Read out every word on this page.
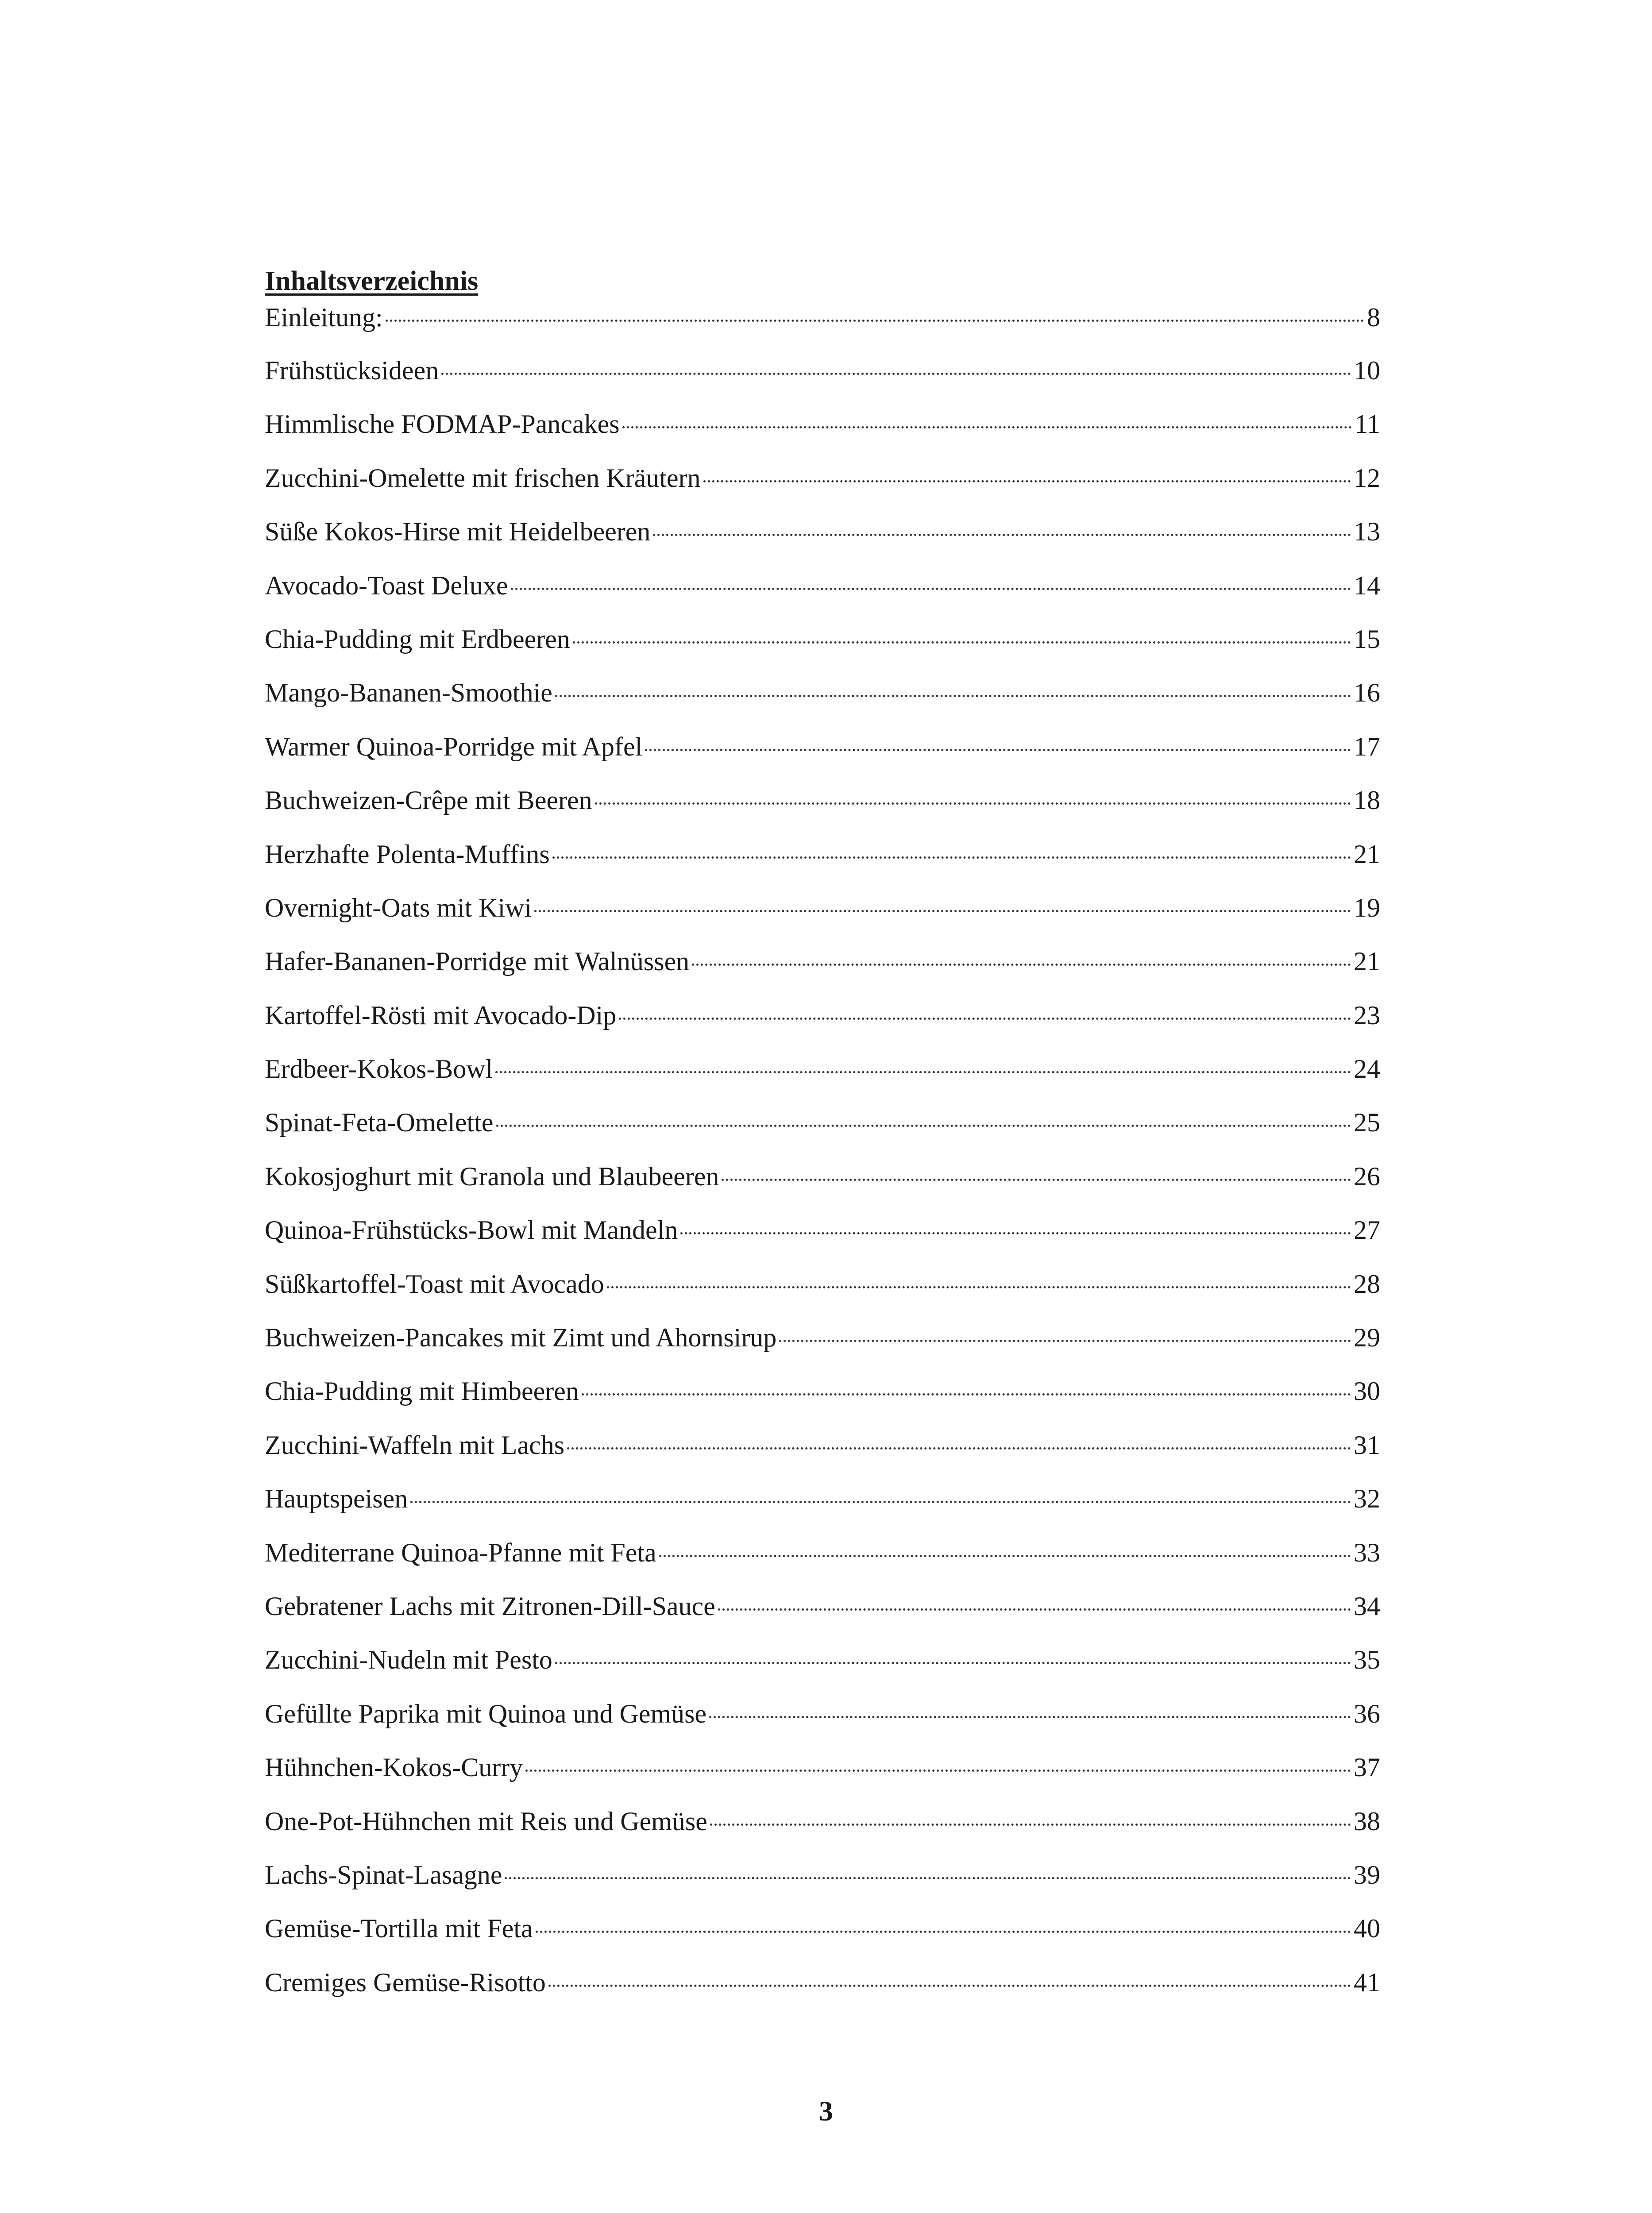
Inhaltsverzeichnis
Einleitung:	8
Frühstücksideen	10
Himmlische FODMAP-Pancakes	11
Zucchini-Omelette mit frischen Kräutern	12
Süße Kokos-Hirse mit Heidelbeeren	13
Avocado-Toast Deluxe	14
Chia-Pudding mit Erdbeeren	15
Mango-Bananen-Smoothie	16
Warmer Quinoa-Porridge mit Apfel	17
Buchweizen-Crêpe mit Beeren	18
Herzhafte Polenta-Muffins	21
Overnight-Oats mit Kiwi	19
Hafer-Bananen-Porridge mit Walnüssen	21
Kartoffel-Rösti mit Avocado-Dip	23
Erdbeer-Kokos-Bowl	24
Spinat-Feta-Omelette	25
Kokosjoghurt mit Granola und Blaubeeren	26
Quinoa-Frühstücks-Bowl mit Mandeln	27
Süßkartoffel-Toast mit Avocado	28
Buchweizen-Pancakes mit Zimt und Ahornsirup	29
Chia-Pudding mit Himbeeren	30
Zucchini-Waffeln mit Lachs	31
Hauptspeisen	32
Mediterrane Quinoa-Pfanne mit Feta	33
Gebratener Lachs mit Zitronen-Dill-Sauce	34
Zucchini-Nudeln mit Pesto	35
Gefüllte Paprika mit Quinoa und Gemüse	36
Hühnchen-Kokos-Curry	37
One-Pot-Hühnchen mit Reis und Gemüse	38
Lachs-Spinat-Lasagne	39
Gemüse-Tortilla mit Feta	40
Cremiges Gemüse-Risotto	41
3
